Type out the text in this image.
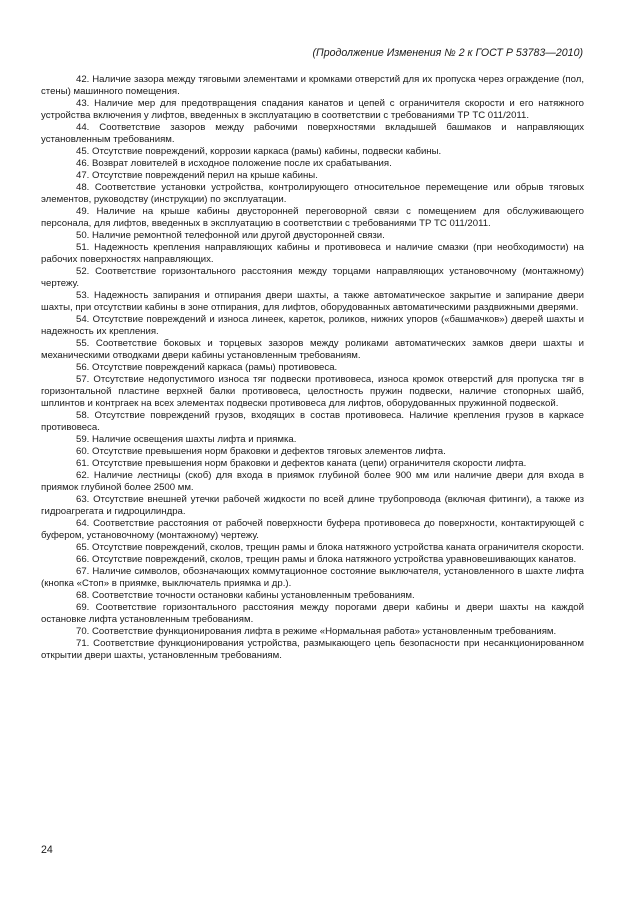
(Продолжение Изменения № 2 к ГОСТ Р 53783—2010)

42. Наличие зазора между тяговыми элементами и кромками отверстий для их пропуска через ограждение (пол, стены) машинного помещения.

43. Наличие мер для предотвращения спадания канатов и цепей с ограничителя скорости и его натяжного устройства включения у лифтов, введенных в эксплуатацию в соответствии с требованиями ТР ТС 011/2011.

44. Соответствие зазоров между рабочими поверхностями вкладышей башмаков и направляющих установленным требованиям.

45. Отсутствие повреждений, коррозии каркаса (рамы) кабины, подвески кабины.

46. Возврат ловителей в исходное положение после их срабатывания.

47. Отсутствие повреждений перил на крыше кабины.

48. Соответствие установки устройства, контролирующего относительное перемещение или обрыв тяговых элементов, руководству (инструкции) по эксплуатации.

49. Наличие на крыше кабины двусторонней переговорной связи с помещением для обслуживающего персонала, для лифтов, введенных в эксплуатацию в соответствии с требованиями ТР ТС 011/2011.

50. Наличие ремонтной телефонной или другой двусторонней связи.

51. Надежность крепления направляющих кабины и противовеса и наличие смазки (при необходимости) на рабочих поверхностях направляющих.

52. Соответствие горизонтального расстояния между торцами направляющих установочному (монтажному) чертежу.

53. Надежность запирания и отпирания двери шахты, а также автоматическое закрытие и запирание двери шахты, при отсутствии кабины в зоне отпирания, для лифтов, оборудованных автоматическими раздвижными дверями.

54. Отсутствие повреждений и износа линеек, кареток, роликов, нижних упоров («башмачков») дверей шахты и надежность их крепления.

55. Соответствие боковых и торцевых зазоров между роликами автоматических замков двери шахты и механическими отводками двери кабины установленным требованиям.

56. Отсутствие повреждений каркаса (рамы) противовеса.

57. Отсутствие недопустимого износа тяг подвески противовеса, износа кромок отверстий для пропуска тяг в горизонтальной пластине верхней балки противовеса, целостность пружин подвески, наличие стопорных шайб, шплинтов и контргаек на всех элементах подвески противовеса для лифтов, оборудованных пружинной подвеской.

58. Отсутствие повреждений грузов, входящих в состав противовеса. Наличие крепления грузов в каркасе противовеса.

59. Наличие освещения шахты лифта и приямка.

60. Отсутствие превышения норм браковки и дефектов тяговых элементов лифта.

61. Отсутствие превышения норм браковки и дефектов каната (цепи) ограничителя скорости лифта.

62. Наличие лестницы (скоб) для входа в приямок глубиной более 900 мм или наличие двери для входа в приямок глубиной более 2500 мм.

63. Отсутствие внешней утечки рабочей жидкости по всей длине трубопровода (включая фитинги), а также из гидроагрегата и гидроцилиндра.

64. Соответствие расстояния от рабочей поверхности буфера противовеса до поверхности, контактирующей с буфером, установочному (монтажному) чертежу.

65. Отсутствие повреждений, сколов, трещин рамы и блока натяжного устройства каната ограничителя скорости.

66. Отсутствие повреждений, сколов, трещин рамы и блока натяжного устройства уравновешивающих канатов.

67. Наличие символов, обозначающих коммутационное состояние выключателя, установленного в шахте лифта (кнопка «Стоп» в приямке, выключатель приямка и др.).

68. Соответствие точности остановки кабины установленным требованиям.

69. Соответствие горизонтального расстояния между порогами двери кабины и двери шахты на каждой остановке лифта установленным требованиям.

70. Соответствие функционирования лифта в режиме «Нормальная работа» установленным требованиям.

71. Соответствие функционирования устройства, размыкающего цепь безопасности при несанкционированном открытии двери шахты, установленным требованиям.

24
